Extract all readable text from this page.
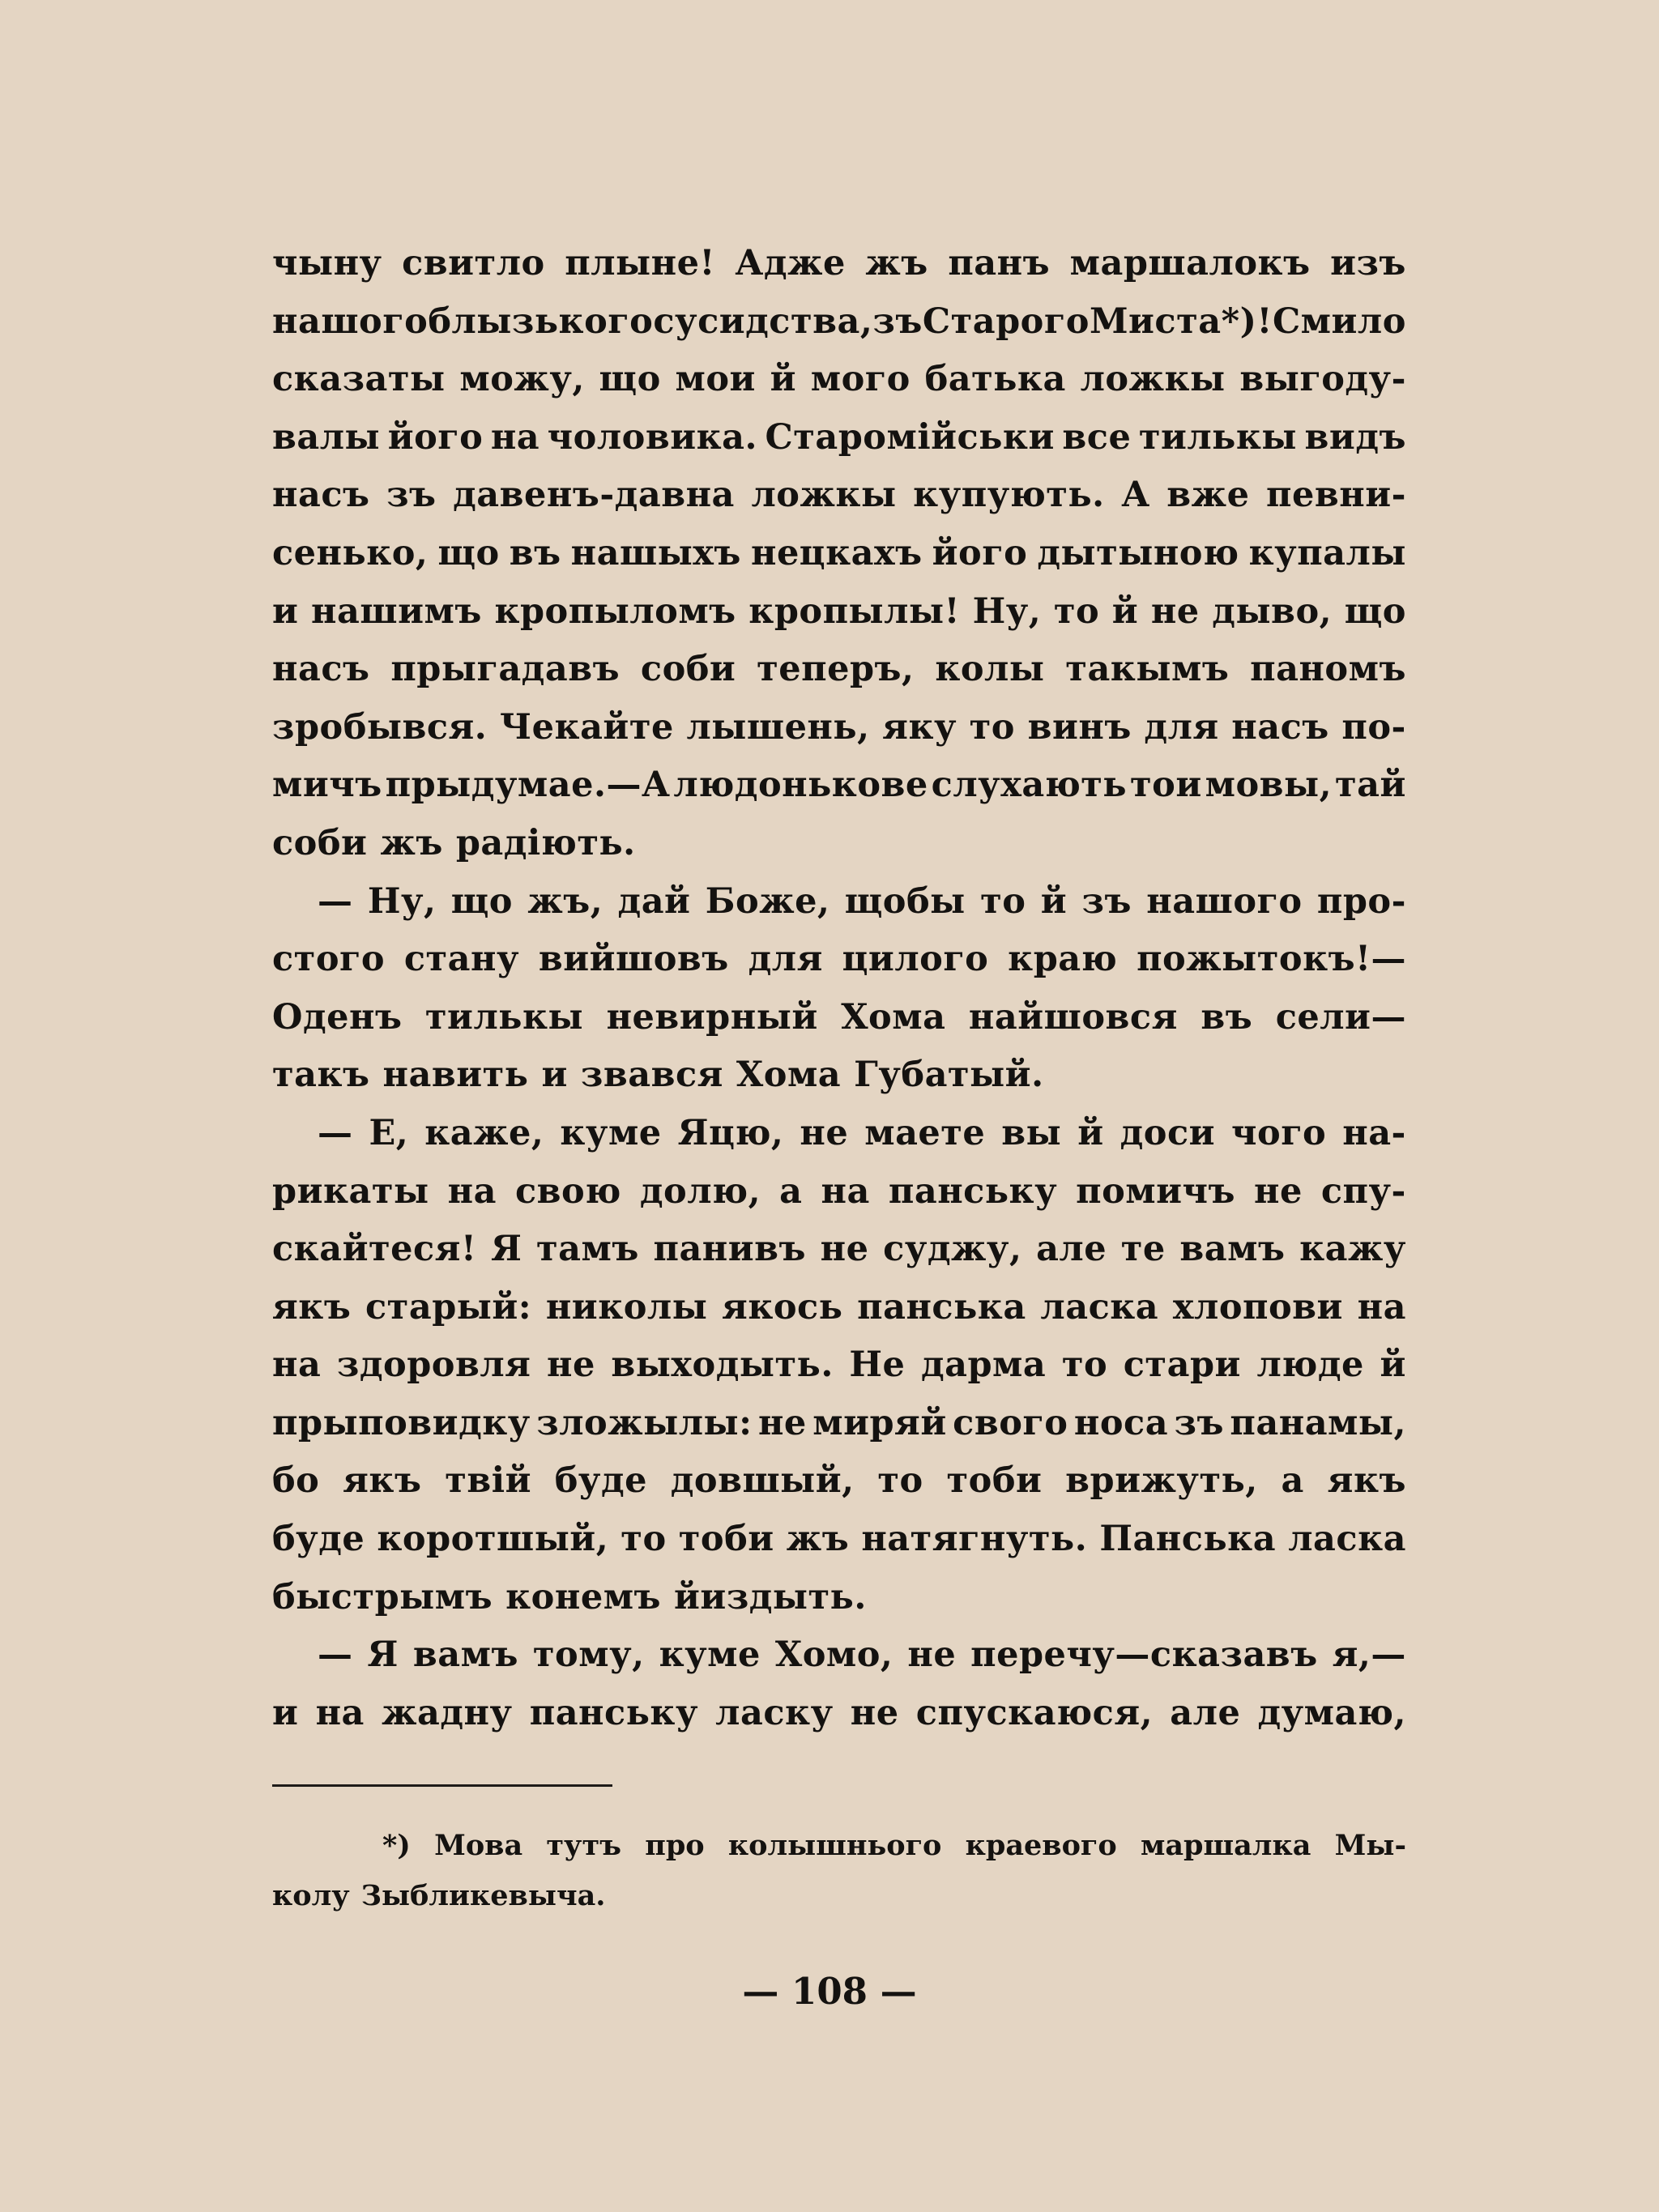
чыну свитло плыне! Адже жъ панъ маршалокъ изъ
нашого блызького сусидства, зъ Старого Миста *)! Смило
сказаты можу, що мои й мого батька ложкы выгоду-
валы його на чоловика. Старомійськи все тилькы видъ
насъ зъ давенъ-давна ложкы купують. А вже певни-
сенько, що въ нашыхъ нецкахъ його дытыною купалы
и нашимъ кропыломъ кропылы! Ну, то й не дыво, що
насъ прыгадавъ соби теперъ, колы такымъ паномъ
зробывся. Чекайте лышень, яку то винъ для насъ по-
мичъ прыдумае.—А людонькове слухають тои мовы, тай
соби жъ радіють.
— Ну, що жъ, дай Боже, щобы то й зъ нашого про-
стого стану вийшовъ для цилого краю пожытокъ!—
Оденъ тилькы невирный Хома найшовся въ сели—
такъ навить и звався Хома Губатый.
— Е, каже, куме Яцю, не маете вы й доси чого на-
рикаты на свою долю, а на панську помичъ не спу-
скайтеся! Я тамъ панивъ не суджу, але те вамъ кажу
якъ старый: николы якось панська ласка хлопови на
на здоровля не выходыть. Не дарма то стари люде й
прыповидку зложылы: не миряй свого носа зъ панамы,
бо якъ твій буде довшый, то тоби врижуть, а якъ
буде коротшый, то тоби жъ натягнуть. Панська ласка
быстрымъ конемъ йиздыть.
— Я вамъ тому, куме Хомо, не перечу—сказавъ я,—
и на жадну панську ласку не спускаюся, але думаю,
*) Мова тутъ про колышнього краевого маршалка Мы-
колу Зыбликевыча.
— 108 —
